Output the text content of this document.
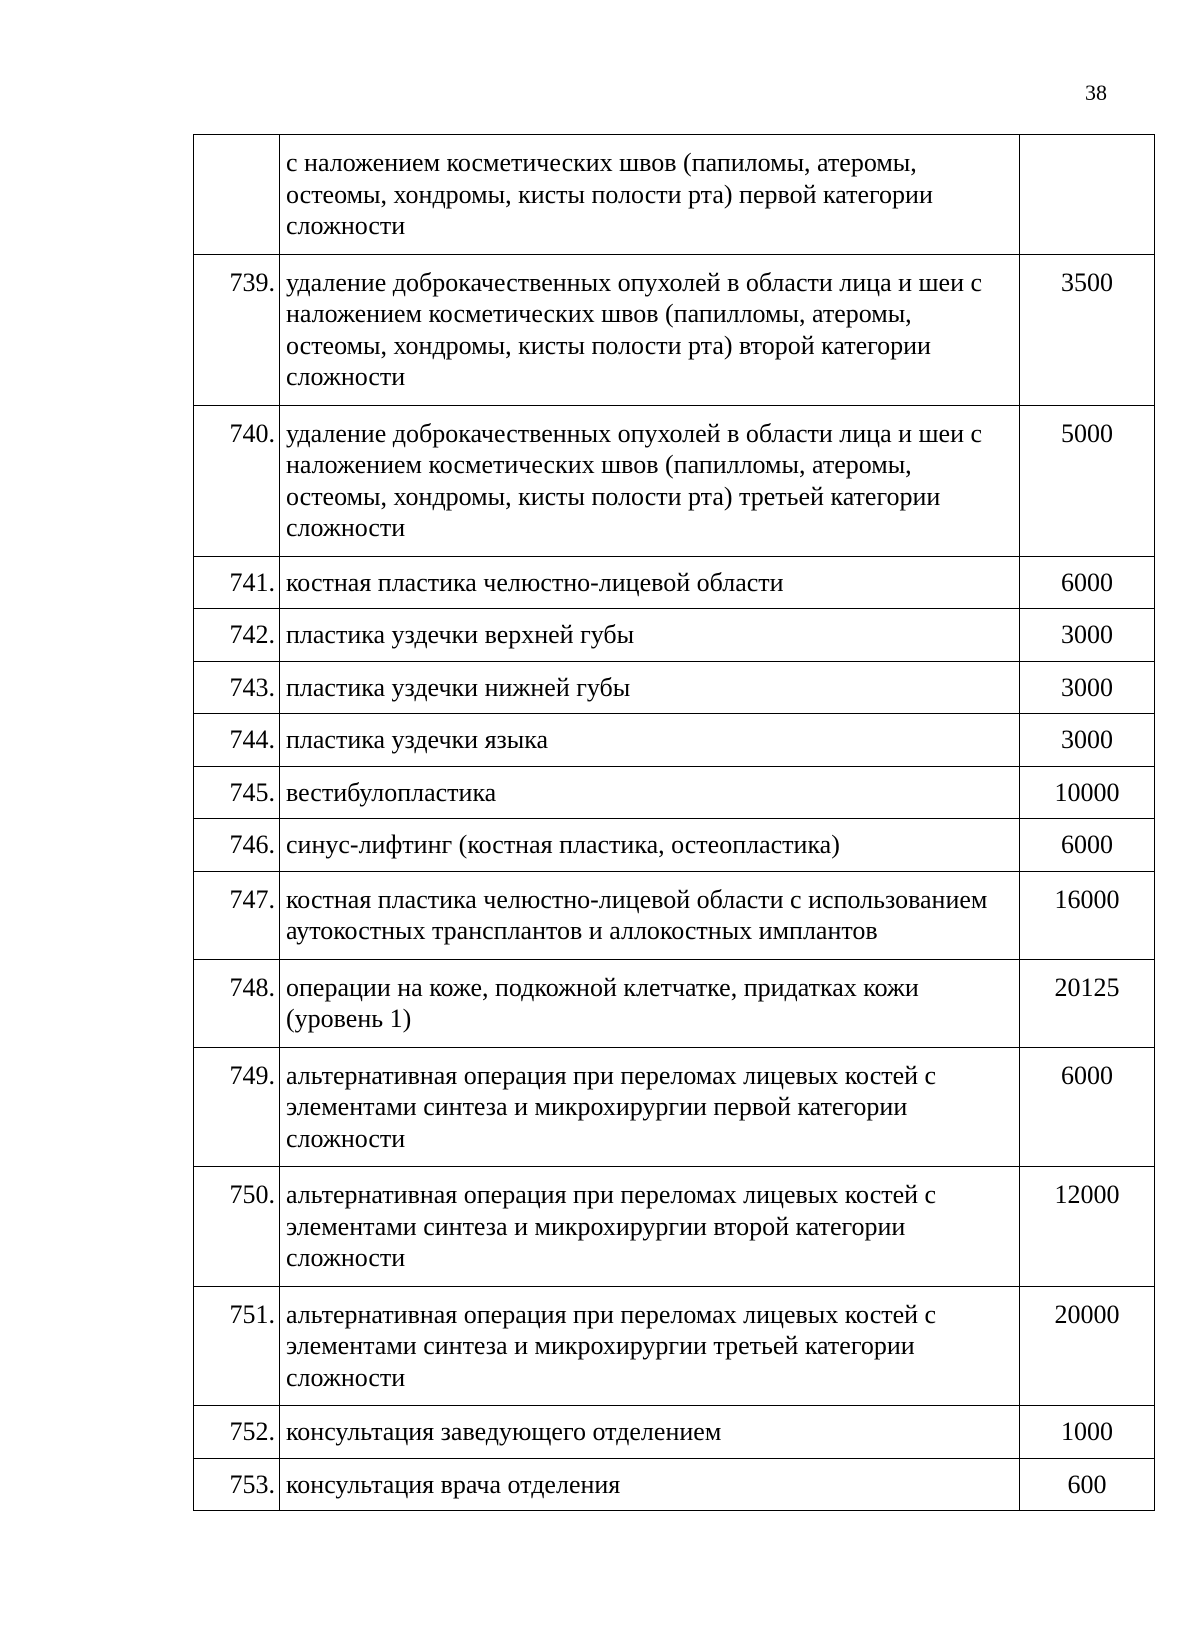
38
	с наложением косметических швов (папиломы, атеромы, остеомы, хондромы, кисты полости рта) первой категории сложности	
739.	удаление доброкачественных опухолей в области лица и шеи с наложением косметических швов (папилломы, атеромы, остеомы, хондромы, кисты полости рта) второй категории сложности	3500
740.	удаление доброкачественных опухолей в области лица и шеи с наложением косметических швов (папилломы, атеромы, остеомы, хондромы, кисты полости рта) третьей категории сложности	5000
741.	костная пластика челюстно-лицевой области	6000
742.	пластика уздечки верхней губы	3000
743.	пластика уздечки нижней губы	3000
744.	пластика уздечки языка	3000
745.	вестибулопластика	10000
746.	синус-лифтинг (костная пластика, остеопластика)	6000
747.	костная пластика челюстно-лицевой области с использованием аутокостных трансплантов и аллокостных имплантов	16000
748.	операции на коже, подкожной клетчатке, придатках кожи (уровень 1)	20125
749.	альтернативная операция при переломах лицевых костей с элементами синтеза и микрохирургии первой категории сложности	6000
750.	альтернативная операция при переломах лицевых костей с элементами синтеза и микрохирургии второй категории сложности	12000
751.	альтернативная операция при переломах лицевых костей с элементами синтеза и микрохирургии третьей категории сложности	20000
752.	консультация заведующего отделением	1000
753.	консультация врача отделения	600
